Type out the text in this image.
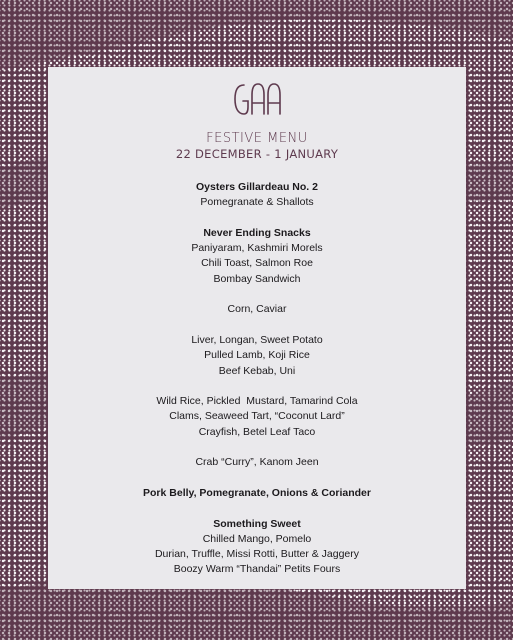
FESTIVE MENU
22 DECEMBER - 1 JANUARY
Oysters Gillardeau No. 2
Pomegranate & Shallots
Never Ending Snacks
Paniyaram, Kashmiri Morels
Chili Toast, Salmon Roe
Bombay Sandwich
Corn, Caviar
Liver, Longan, Sweet Potato
Pulled Lamb, Koji Rice
Beef Kebab, Uni
Wild Rice, Pickled  Mustard, Tamarind Cola
Clams, Seaweed Tart, “Coconut Lard”
Crayfish, Betel Leaf Taco
Crab “Curry”, Kanom Jeen
Pork Belly, Pomegranate, Onions & Coriander
Something Sweet
Chilled Mango, Pomelo
Durian, Truffle, Missi Rotti, Butter & Jaggery
Boozy Warm “Thandai” Petits Fours
